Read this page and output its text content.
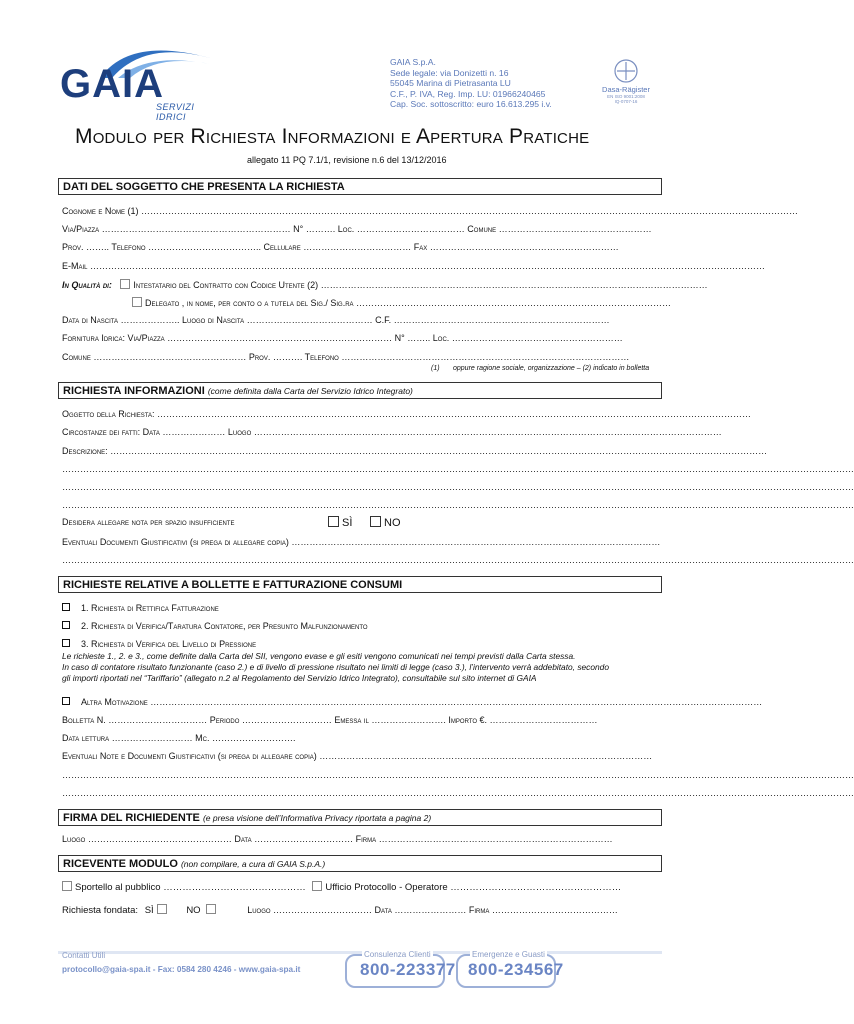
GAIA
SERVIZI IDRICI
GAIA S.p.A.
Sede legale: via Donizetti n. 16
55045 Marina di Pietrasanta LU
C.F., P. IVA, Reg. Imp. LU: 01966240465
Cap. Soc. sottoscritto: euro 16.613.295 i.v.
Dasa-Rägister
EN ISO 9001:2008
IQ-0707-16
Modulo per Richiesta Informazioni e Apertura Pratiche
allegato 11 PQ 7.1/1, revisione n.6 del 13/12/2016
DATI DEL SOGGETTO CHE PRESENTA LA RICHIESTA
Cognome e Nome (1) …………………………………………………………………………………………………………………………………………………………………………………………………
Via/Piazza ……………………………………………………… N° ………. Loc. ……………………………… Comune ……………………………………………
Prov. …….. Telefono ……………………………….. Cellulare ……………………………… Fax ………………………………………………………
E-Mail ………………………………………………………………………………………………………………………………………………………………………………………………………
In Qualità di: Intestatario del Contratto con Codice Utente (2) …………………………………………………………………………………………………………………
Delegato , in nome, per conto o a tutela del Sig./ Sig.ra ……………………………………………………………………………………………
Data di Nascita ……………….. Luogo di Nascita …………………………………… C.F. ………………………………………………………………
Fornitura Idrica: Via/Piazza ………………………………………………………………… N° …….. Loc. …………………………………………………
Comune …………………………………………… Prov. ………. Telefono ……………………………………………………………………………………
(1) oppure ragione sociale, organizzazione – (2) indicato in bolletta
RICHIESTA INFORMAZIONI (come definita dalla Carta del Servizio Idrico Integrato)
Oggetto della Richiesta: ………………………………………………………………………………………………………………………………………………………………………………
Circostanze dei fatti: Data ………………… Luogo …………………………………………………………………………………………………………………………………………
Descrizione: …………………………………………………………………………………………………………………………………………………………………………………………………
…………………………………………………………………………………………………………………………………………………………………………………………………………………………………………
…………………………………………………………………………………………………………………………………………………………………………………………………………………………………………
…………………………………………………………………………………………………………………………………………………………………………………………………………………………………………
Desidera allegare nota per spazio insufficiente	SÌ	NO
Eventuali Documenti Giustificativi (si prega di allegare copia) ……………………………………………………………………………………………………………
…………………………………………………………………………………………………………………………………………………………………………………………………………………………………………
RICHIESTE RELATIVE A BOLLETTE E FATTURAZIONE CONSUMI
1. Richiesta di Rettifica Fatturazione
2. Richiesta di Verifica/Taratura Contatore, per Presunto Malfunzionamento
3. Richiesta di Verifica del Livello di Pressione
Le richieste 1., 2. e 3., come definite dalla Carta del SII, vengono evase e gli esiti vengono comunicati nei tempi previsti dalla Carta stessa.
In caso di contatore risultato funzionante (caso 2.) e di livello di pressione risultato nei limiti di legge (caso 3.), l’intervento verrà addebitato, secondo
gli importi riportati nel “Tariffario” (allegato n.2 al Regolamento del Servizio Idrico Integrato), consultabile sul sito internet di GAIA
Altra Motivazione ……………………………………………………………………………………………………………………………………………………………………………………
Bolletta N. …………………………… Periodo ………………………… Emessa il ……………………. Importo €. ………………………………
Data lettura ……………………… Mc. ……………………….
Eventuali Note e Documenti Giustificativi (si prega di allegare copia) …………………………………………………………………………………………………
…………………………………………………………………………………………………………………………………………………………………………………………………………………………………………
…………………………………………………………………………………………………………………………………………………………………………………………………………………………………………
FIRMA DEL RICHIEDENTE (e presa visione dell’Informativa Privacy riportata a pagina 2)
Luogo ………………………………………… Data …………………………… Firma ……………………………………………………………………
RICEVENTE MODULO (non compilare, a cura di GAIA S.p.A.)
Sportello al pubblico ……………………………………… Ufficio Protocollo - Operatore ………………………………………………
Richiesta fondata: SÌ	NO	Luogo …………………………… Data …………………… Firma ……………………………………
Contatti Utili
protocollo@gaia-spa.it - Fax: 0584 280 4246 - www.gaia-spa.it
Consulenza Clienti
800-223377
Emergenze e Guasti
800-234567
